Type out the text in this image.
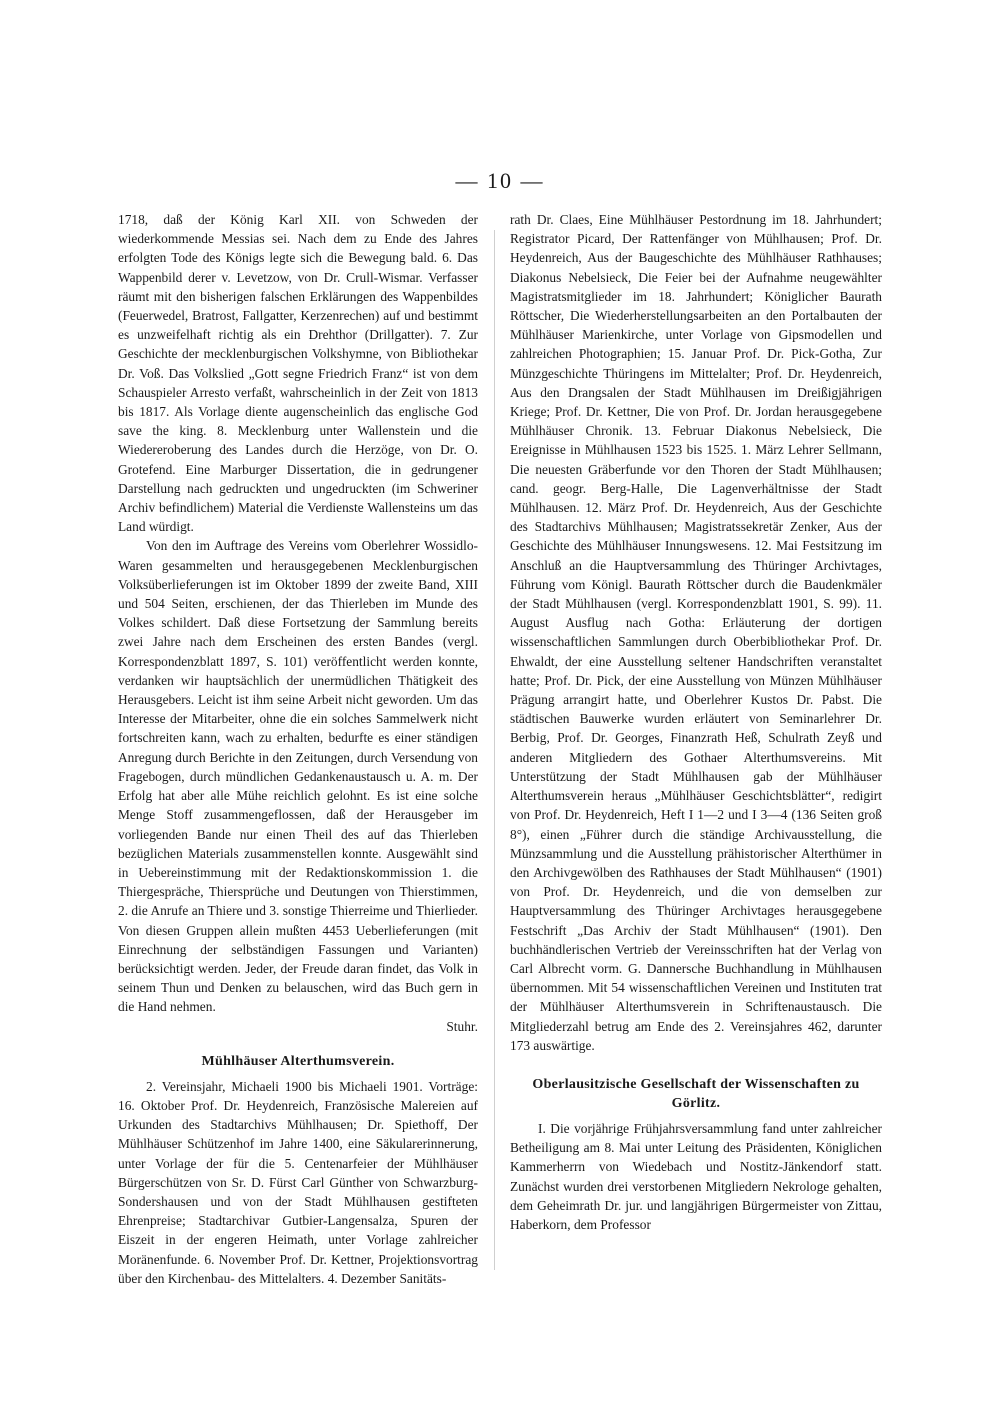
— 10 —

1718, daß der König Karl XII. von Schweden der wiederkommende Messias sei. Nach dem zu Ende des Jahres erfolgten Tode des Königs legte sich die Bewegung bald. 6. Das Wappenbild derer v. Levetzow, von Dr. Crull-Wismar. Verfasser räumt mit den bisherigen falschen Erklärungen des Wappenbildes (Feuerwedel, Bratrost, Fallgatter, Kerzenrechen) auf und bestimmt es unzweifelhaft richtig als ein Drehthor (Drillgatter). 7. Zur Geschichte der mecklenburgischen Volkshymne, von Bibliothekar Dr. Voß. Das Volkslied „Gott segne Friedrich Franz“ ist von dem Schauspieler Arresto verfaßt, wahrscheinlich in der Zeit von 1813 bis 1817. Als Vorlage diente augenscheinlich das englische God save the king. 8. Mecklenburg unter Wallenstein und die Wiedereroberung des Landes durch die Herzöge, von Dr. O. Grotefend. Eine Marburger Dissertation, die in gedrungener Darstellung nach gedruckten und ungedruckten (im Schweriner Archiv befindlichem) Material die Verdienste Wallensteins um das Land würdigt.

Von den im Auftrage des Vereins vom Oberlehrer Wossidlo-Waren gesammelten und herausgegebenen Mecklenburgischen Volksüberlieferungen ist im Oktober 1899 der zweite Band, XIII und 504 Seiten, erschienen, der das Thierleben im Munde des Volkes schildert. Daß diese Fortsetzung der Sammlung bereits zwei Jahre nach dem Erscheinen des ersten Bandes (vergl. Korrespondenzblatt 1897, S. 101) veröffentlicht werden konnte, verdanken wir hauptsächlich der unermüdlichen Thätigkeit des Herausgebers. Leicht ist ihm seine Arbeit nicht geworden. Um das Interesse der Mitarbeiter, ohne die ein solches Sammelwerk nicht fortschreiten kann, wach zu erhalten, bedurfte es einer ständigen Anregung durch Berichte in den Zeitungen, durch Versendung von Fragebogen, durch mündlichen Gedankenaustausch u. A. m. Der Erfolg hat aber alle Mühe reichlich gelohnt. Es ist eine solche Menge Stoff zusammengeflossen, daß der Herausgeber im vorliegenden Bande nur einen Theil des auf das Thierleben bezüglichen Materials zusammenstellen konnte. Ausgewählt sind in Uebereinstimmung mit der Redaktionskommission 1. die Thiergespräche, Thiersprüche und Deutungen von Thierstimmen, 2. die Anrufe an Thiere und 3. sonstige Thierreime und Thierlieder. Von diesen Gruppen allein mußten 4453 Ueberlieferungen (mit Einrechnung der selbständigen Fassungen und Varianten) berücksichtigt werden. Jeder, der Freude daran findet, das Volk in seinem Thun und Denken zu belauschen, wird das Buch gern in die Hand nehmen.

Stuhr.

Mühlhäuser Alterthumsverein.

2. Vereinsjahr, Michaeli 1900 bis Michaeli 1901. Vorträge: 16. Oktober Prof. Dr. Heydenreich, Französische Malereien auf Urkunden des Stadtarchivs Mühlhausen; Dr. Spiethoff, Der Mühlhäuser Schützenhof im Jahre 1400, eine Säkularerinnerung, unter Vorlage der für die 5. Centenarfeier der Mühlhäuser Bürgerschützen von Sr. D. Fürst Carl Günther von Schwarzburg-Sondershausen und von der Stadt Mühlhausen gestifteten Ehrenpreise; Stadtarchivar Gutbier-Langensalza, Spuren der Eiszeit in der engeren Heimath, unter Vorlage zahlreicher Moränenfunde. 6. November Prof. Dr. Kettner, Projektionsvortrag über den Kirchenbau- des Mittelalters. 4. Dezember Sanitäts-

rath Dr. Claes, Eine Mühlhäuser Pestordnung im 18. Jahrhundert; Registrator Picard, Der Rattenfänger von Mühlhausen; Prof. Dr. Heydenreich, Aus der Baugeschichte des Mühlhäuser Rathhauses; Diakonus Nebelsieck, Die Feier bei der Aufnahme neugewählter Magistratsmitglieder im 18. Jahrhundert; Königlicher Baurath Röttscher, Die Wiederherstellungsarbeiten an den Portalbauten der Mühlhäuser Marienkirche, unter Vorlage von Gipsmodellen und zahlreichen Photographien; 15. Januar Prof. Dr. Pick-Gotha, Zur Münzgeschichte Thüringens im Mittelalter; Prof. Dr. Heydenreich, Aus den Drangsalen der Stadt Mühlhausen im Dreißigjährigen Kriege; Prof. Dr. Kettner, Die von Prof. Dr. Jordan herausgegebene Mühlhäuser Chronik. 13. Februar Diakonus Nebelsieck, Die Ereignisse in Mühlhausen 1523 bis 1525. 1. März Lehrer Sellmann, Die neuesten Gräberfunde vor den Thoren der Stadt Mühlhausen; cand. geogr. Berg-Halle, Die Lagenverhältnisse der Stadt Mühlhausen. 12. März Prof. Dr. Heydenreich, Aus der Geschichte des Stadtarchivs Mühlhausen; Magistratssekretär Zenker, Aus der Geschichte des Mühlhäuser Innungswesens. 12. Mai Festsitzung im Anschluß an die Hauptversammlung des Thüringer Archivtages, Führung vom Königl. Baurath Röttscher durch die Baudenkmäler der Stadt Mühlhausen (vergl. Korrespondenzblatt 1901, S. 99). 11. August Ausflug nach Gotha: Erläuterung der dortigen wissenschaftlichen Sammlungen durch Oberbibliothekar Prof. Dr. Ehwaldt, der eine Ausstellung seltener Handschriften veranstaltet hatte; Prof. Dr. Pick, der eine Ausstellung von Münzen Mühlhäuser Prägung arrangirt hatte, und Oberlehrer Kustos Dr. Pabst. Die städtischen Bauwerke wurden erläutert von Seminarlehrer Dr. Berbig, Prof. Dr. Georges, Finanzrath Heß, Schulrath Zeyß und anderen Mitgliedern des Gothaer Alterthumsvereins. Mit Unterstützung der Stadt Mühlhausen gab der Mühlhäuser Alterthumsverein heraus „Mühlhäuser Geschichtsblätter“, redigirt von Prof. Dr. Heydenreich, Heft I 1—2 und I 3—4 (136 Seiten groß 8°), einen „Führer durch die ständige Archivausstellung, die Münzsammlung und die Ausstellung prähistorischer Alterthümer in den Archivgewölben des Rathhauses der Stadt Mühlhausen“ (1901) von Prof. Dr. Heydenreich, und die von demselben zur Hauptversammlung des Thüringer Archivtages herausgegebene Festschrift „Das Archiv der Stadt Mühlhausen“ (1901). Den buchhändlerischen Vertrieb der Vereinsschriften hat der Verlag von Carl Albrecht vorm. G. Dannersche Buchhandlung in Mühlhausen übernommen. Mit 54 wissenschaftlichen Vereinen und Instituten trat der Mühlhäuser Alterthumsverein in Schriftenaustausch. Die Mitgliederzahl betrug am Ende des 2. Vereinsjahres 462, darunter 173 auswärtige.

Oberlausitzische Gesellschaft der Wissenschaften zu Görlitz.

I. Die vorjährige Frühjahrsversammlung fand unter zahlreicher Betheiligung am 8. Mai unter Leitung des Präsidenten, Königlichen Kammerherrn von Wiedebach und Nostitz-Jänkendorf statt. Zunächst wurden drei verstorbenen Mitgliedern Nekrologe gehalten, dem Geheimrath Dr. jur. und langjährigen Bürgermeister von Zittau, Haberkorn, dem Professor
